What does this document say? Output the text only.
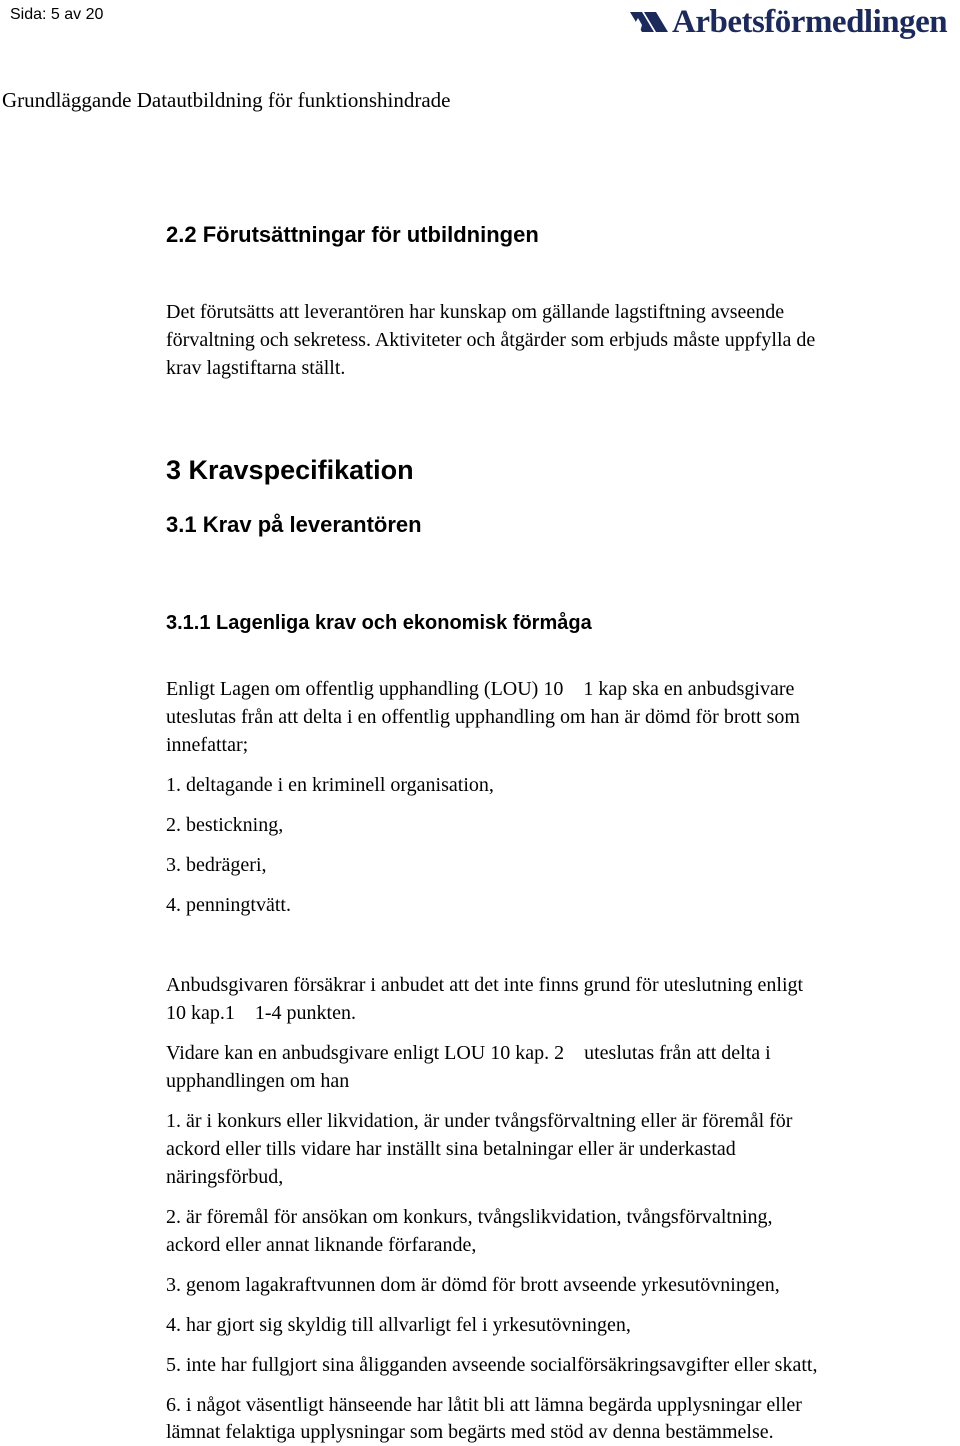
Sida: 5 av 20	Arbetsförmedlingen
Grundläggande Datautbildning för funktionshindrade
2.2 Förutsättningar för utbildningen
Det förutsätts att leverantören har kunskap om gällande lagstiftning avseende
förvaltning och sekretess. Aktiviteter och åtgärder som erbjuds måste uppfylla de
krav lagstiftarna ställt.
3 Kravspecifikation
3.1 Krav på leverantören
3.1.1 Lagenliga krav och ekonomisk förmåga
Enligt Lagen om offentlig upphandling (LOU) 10 1 kap ska en anbudsgivare
uteslutas från att delta i en offentlig upphandling om han är dömd för brott som
innefattar;
1. deltagande i en kriminell organisation,
2. bestickning,
3. bedrägeri,
4. penningtvätt.
Anbudsgivaren försäkrar i anbudet att det inte finns grund för uteslutning enligt
10 kap.1 1-4 punkten.
Vidare kan en anbudsgivare enligt LOU 10 kap. 2 uteslutas från att delta i
upphandlingen om han
1. är i konkurs eller likvidation, är under tvångsförvaltning eller är föremål för
ackord eller tills vidare har inställt sina betalningar eller är underkastad
näringsförbud,
2. är föremål för ansökan om konkurs, tvångslikvidation, tvångsförvaltning,
ackord eller annat liknande förfarande,
3. genom lagakraftvunnen dom är dömd för brott avseende yrkesutövningen,
4. har gjort sig skyldig till allvarligt fel i yrkesutövningen,
5. inte har fullgjort sina åligganden avseende socialförsäkringsavgifter eller skatt,
6. i något väsentligt hänseende har låtit bli att lämna begärda upplysningar eller
lämnat felaktiga upplysningar som begärts med stöd av denna bestämmelse.
